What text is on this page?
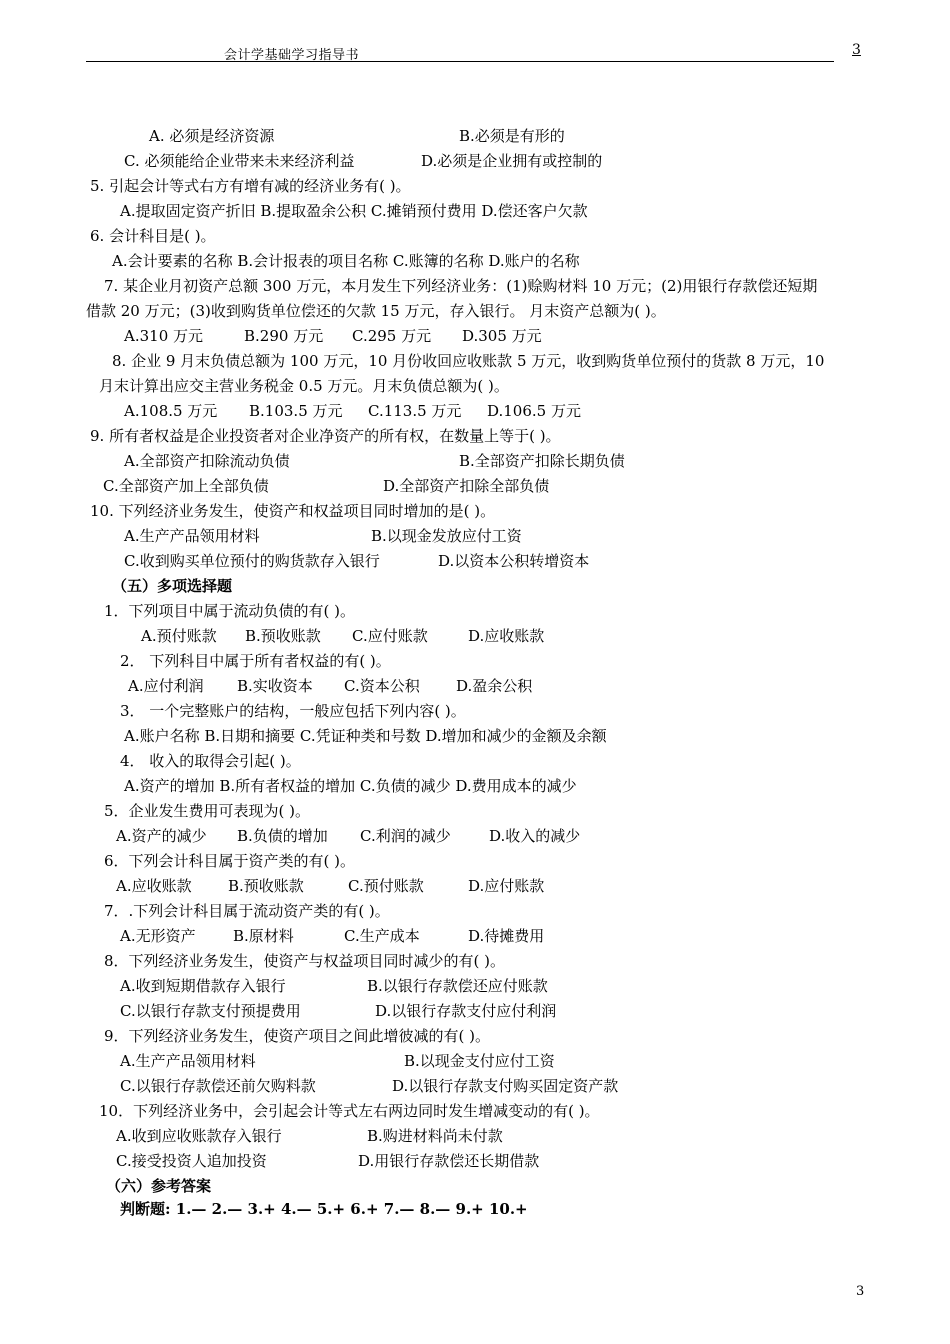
会计学基础学习指导书	3
A. 必须是经济资源	B.必须是有形的
C. 必须能给企业带来未来经济利益	D.必须是企业拥有或控制的
5. 引起会计等式右方有增有减的经济业务有( )。
A.提取固定资产折旧 B.提取盈余公积 C.摊销预付费用 D.偿还客户欠款
6. 会计科目是( )。
A.会计要素的名称 B.会计报表的项目名称 C.账簿的名称 D.账户的名称
7. 某企业月初资产总额 300 万元，本月发生下列经济业务：(1)赊购材料 10 万元；(2)用银行存款偿还短期
借款 20 万元；(3)收到购货单位偿还的欠款 15 万元，存入银行。 月末资产总额为( )。
A.310 万元	B.290 万元 C.295 万元 D.305 万元
8. 企业 9 月末负债总额为 100 万元，10 月份收回应收账款 5 万元，收到购货单位预付的货款 8 万元，10
月末计算出应交主营业务税金 0.5 万元。月末负债总额为( )。
A.108.5 万元 B.103.5 万元 C.113.5 万元 D.106.5 万元
9. 所有者权益是企业投资者对企业净资产的所有权，在数量上等于( )。
A.全部资产扣除流动负债	B.全部资产扣除长期负债
C.全部资产加上全部负债	D.全部资产扣除全部负债
10. 下列经济业务发生，使资产和权益项目同时增加的是( )。
A.生产产品领用材料	B.以现金发放应付工资
C.收到购买单位预付的购货款存入银行	D.以资本公积转增资本
（五）多项选择题
1．下列项目中属于流动负债的有( )。
A.预付账款 B.预收账款 C.应付账款	D.应收账款
2． 下列科目中属于所有者权益的有( )。
A.应付利润 B.实收资本 C.资本公积 D.盈余公积
3． 一个完整账户的结构，一般应包括下列内容( )。
A.账户名称 B.日期和摘要 C.凭证种类和号数 D.增加和减少的金额及余额
4． 收入的取得会引起( )。
A.资产的增加 B.所有者权益的增加 C.负债的减少 D.费用成本的减少
5．企业发生费用可表现为( )。
A.资产的减少 B.负债的增加 C.利润的减少	D.收入的减少
6．下列会计科目属于资产类的有( )。
A.应收账款 B.预收账款	C.预付账款	D.应付账款
7．.下列会计科目属于流动资产类的有( )。
A.无形资产 B.原材料	C.生产成本	D.待摊费用
8．下列经济业务发生，使资产与权益项目同时减少的有( )。
A.收到短期借款存入银行	B.以银行存款偿还应付账款
C.以银行存款支付预提费用	D.以银行存款支付应付利润
9．下列经济业务发生，使资产项目之间此增彼减的有( )。
A.生产产品领用材料	B.以现金支付应付工资
C.以银行存款偿还前欠购料款	D.以银行存款支付购买固定资产款
10．下列经济业务中，会引起会计等式左右两边同时发生增减变动的有( )。
A.收到应收账款存入银行	B.购进材料尚未付款
C.接受投资人追加投资	D.用银行存款偿还长期借款
（六）参考答案
判断题: 1.— 2.— 3.+ 4.— 5.+ 6.+ 7.— 8.— 9.+ 10.+
3
